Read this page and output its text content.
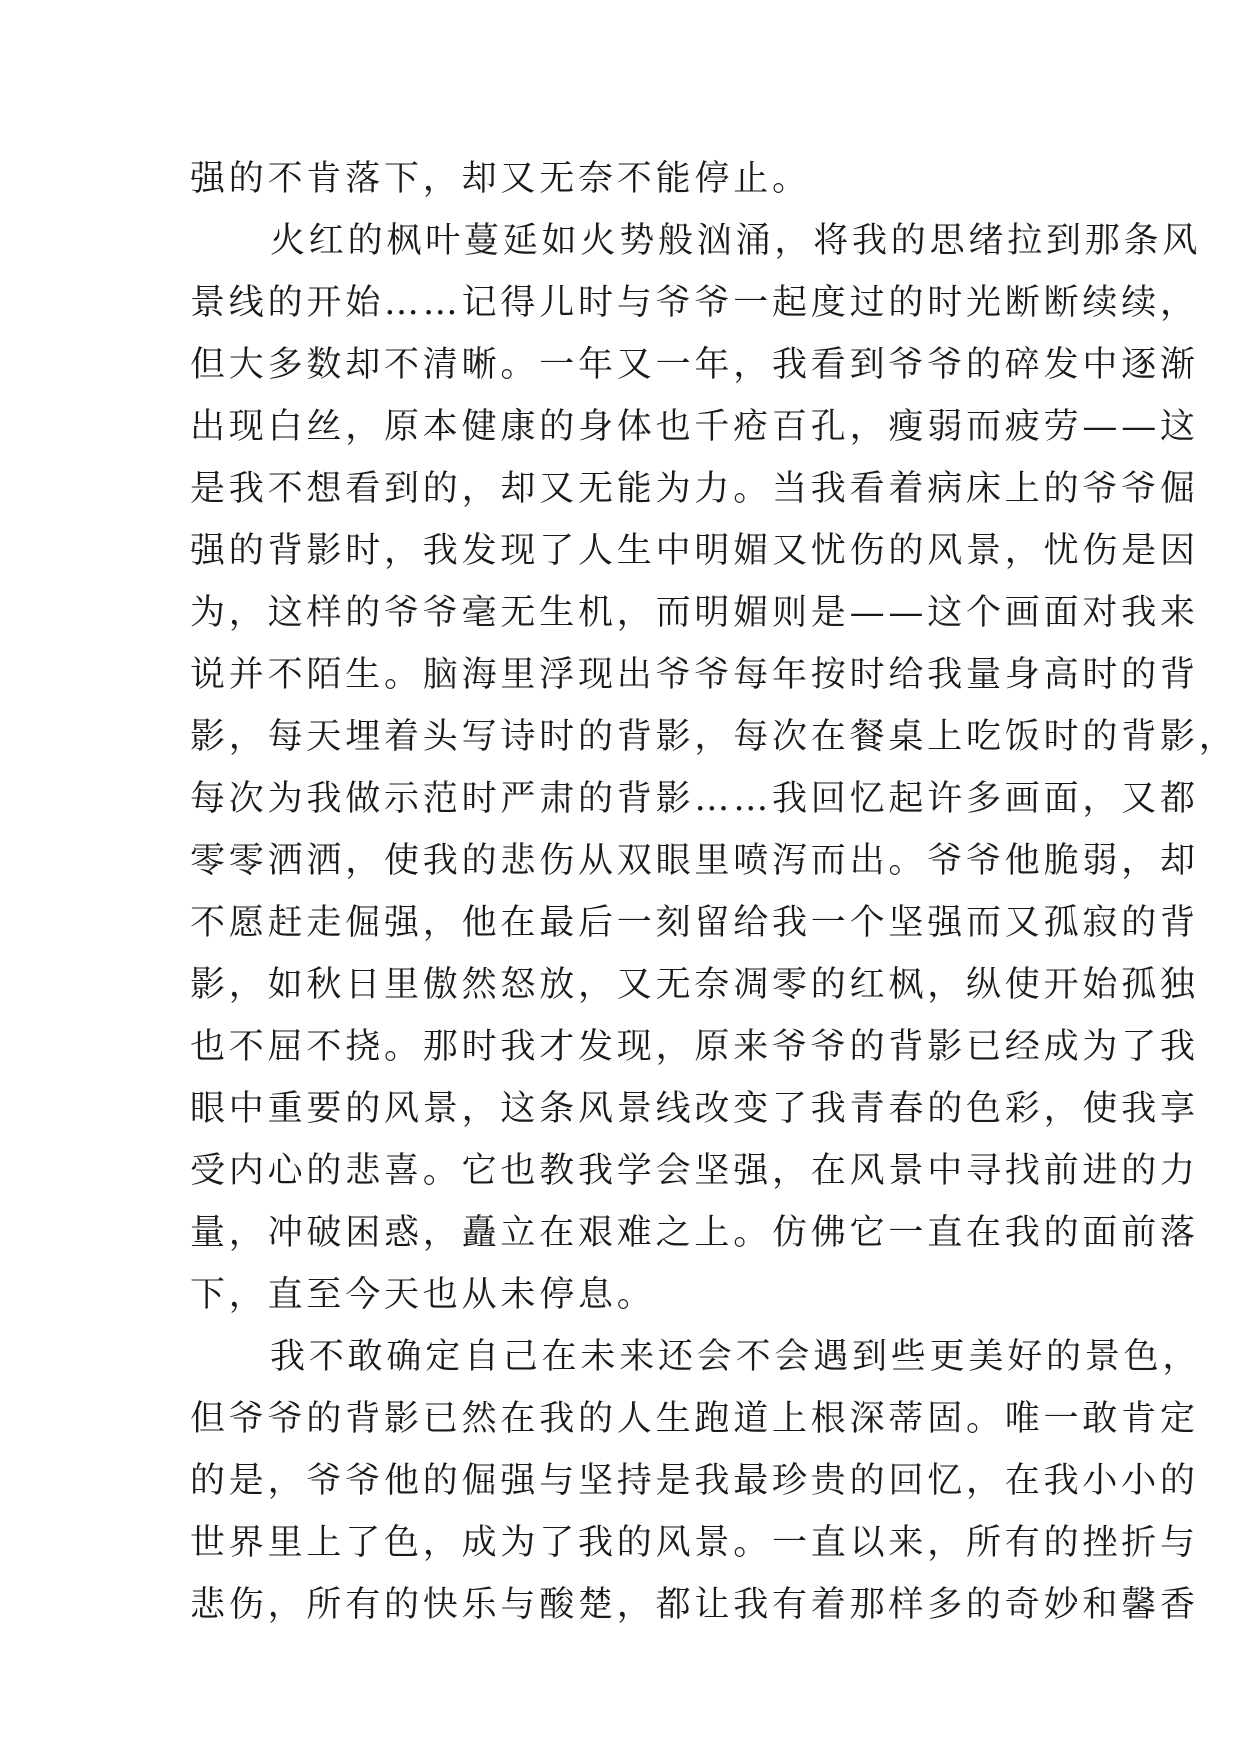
强的不肯落下，却又无奈不能停止。
火红的枫叶蔓延如火势般汹涌，将我的思绪拉到那条风
景线的开始……记得儿时与爷爷一起度过的时光断断续续，
但大多数却不清晰。一年又一年，我看到爷爷的碎发中逐渐
出现白丝，原本健康的身体也千疮百孔，瘦弱而疲劳——这
是我不想看到的，却又无能为力。当我看着病床上的爷爷倔
强的背影时，我发现了人生中明媚又忧伤的风景，忧伤是因
为，这样的爷爷毫无生机，而明媚则是——这个画面对我来
说并不陌生。脑海里浮现出爷爷每年按时给我量身高时的背
影，每天埋着头写诗时的背影，每次在餐桌上吃饭时的背影，
每次为我做示范时严肃的背影……我回忆起许多画面，又都
零零洒洒，使我的悲伤从双眼里喷泻而出。爷爷他脆弱，却
不愿赶走倔强，他在最后一刻留给我一个坚强而又孤寂的背
影，如秋日里傲然怒放，又无奈凋零的红枫，纵使开始孤独
也不屈不挠。那时我才发现，原来爷爷的背影已经成为了我
眼中重要的风景，这条风景线改变了我青春的色彩，使我享
受内心的悲喜。它也教我学会坚强，在风景中寻找前进的力
量，冲破困惑，矗立在艰难之上。仿佛它一直在我的面前落
下，直至今天也从未停息。
我不敢确定自己在未来还会不会遇到些更美好的景色，
但爷爷的背影已然在我的人生跑道上根深蒂固。唯一敢肯定
的是，爷爷他的倔强与坚持是我最珍贵的回忆，在我小小的
世界里上了色，成为了我的风景。一直以来，所有的挫折与
悲伤，所有的快乐与酸楚，都让我有着那样多的奇妙和馨香
